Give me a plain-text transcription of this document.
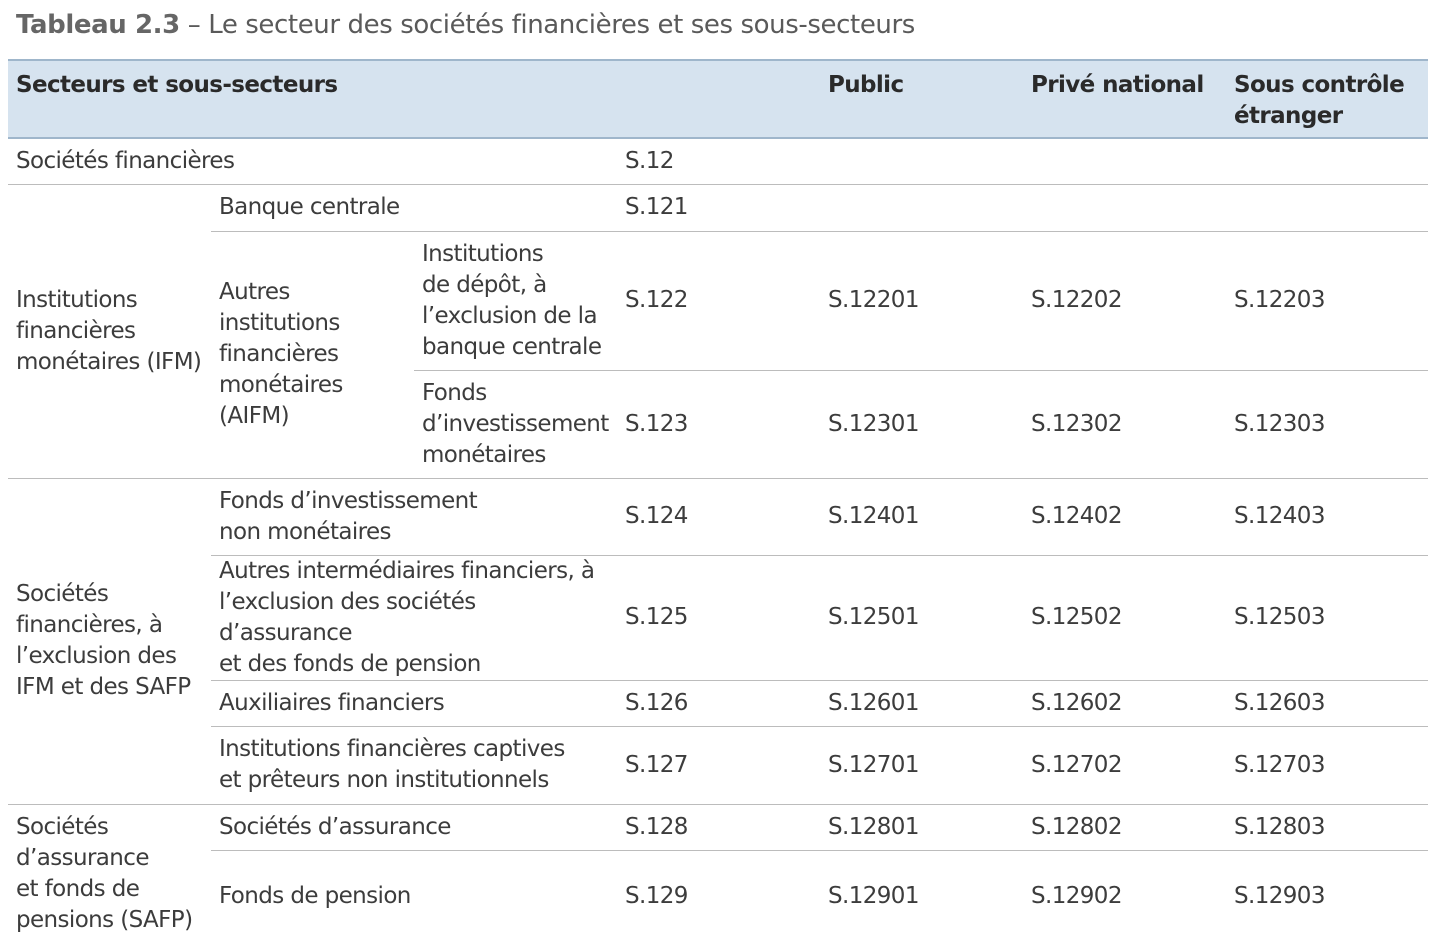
Tableau 2.3 – Le secteur des sociétés financières et ses sous-secteurs
Secteurs et sous-secteurs				Public	Privé national	Sous contrôle
étranger
Sociétés financières			S.12			
Institutions
financières
monétaires (IFM)	Banque centrale		S.121			
	Autres
institutions
financières
monétaires
(AIFM)	Institutions
de dépôt, à
l’exclusion de la
banque centrale	S.122	S.12201	S.12202	S.12203
		Fonds
d’investissement
monétaires	S.123	S.12301	S.12302	S.12303
Sociétés
financières, à
l’exclusion des
IFM et des SAFP	Fonds d’investissement
non monétaires		S.124	S.12401	S.12402	S.12403
	Autres intermédiaires financiers, à
l’exclusion des sociétés d’assurance
et des fonds de pension		S.125	S.12501	S.12502	S.12503
	Auxiliaires financiers		S.126	S.12601	S.12602	S.12603
	Institutions financières captives
et prêteurs non institutionnels		S.127	S.12701	S.12702	S.12703
Sociétés
d’assurance
et fonds de
pensions (SAFP)	Sociétés d’assurance		S.128	S.12801	S.12802	S.12803
	Fonds de pension		S.129	S.12901	S.12902	S.12903
